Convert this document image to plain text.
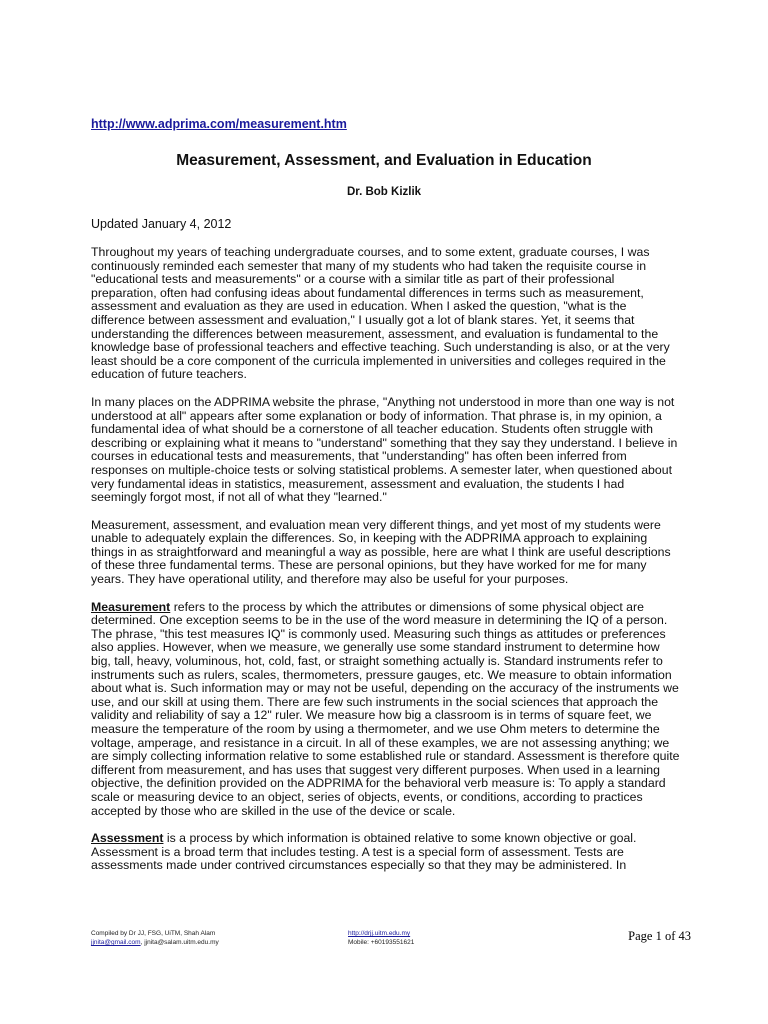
http://www.adprima.com/measurement.htm
Measurement, Assessment, and Evaluation in Education
Dr. Bob Kizlik
Updated January 4, 2012

Throughout my years of teaching undergraduate courses, and to some extent, graduate courses, I was continuously reminded each semester that many of my students who had taken the requisite course in "educational tests and measurements" or a course with a similar title as part of their professional preparation, often had confusing ideas about fundamental differences in terms such as measurement, assessment and evaluation as they are used in education. When I asked the question, "what is the difference between assessment and evaluation," I usually got a lot of blank stares. Yet, it seems that understanding the differences between measurement, assessment, and evaluation is fundamental to the knowledge base of professional teachers and effective teaching. Such understanding is also, or at the very least should be a core component of the curricula implemented in universities and colleges required in the education of future teachers.

In many places on the ADPRIMA website the phrase, "Anything not understood in more than one way is not understood at all" appears after some explanation or body of information. That phrase is, in my opinion, a fundamental idea of what should be a cornerstone of all teacher education. Students often struggle with describing or explaining what it means to "understand" something that they say they understand. I believe in courses in educational tests and measurements, that "understanding" has often been inferred from responses on multiple-choice tests or solving statistical problems. A semester later, when questioned about very fundamental ideas in statistics, measurement, assessment and evaluation, the students I had seemingly forgot most, if not all of what they "learned."

Measurement, assessment, and evaluation mean very different things, and yet most of my students were unable to adequately explain the differences. So, in keeping with the ADPRIMA approach to explaining things in as straightforward and meaningful a way as possible, here are what I think are useful descriptions of these three fundamental terms. These are personal opinions, but they have worked for me for many years. They have operational utility, and therefore may also be useful for your purposes.

Measurement refers to the process by which the attributes or dimensions of some physical object are determined. One exception seems to be in the use of the word measure in determining the IQ of a person. The phrase, "this test measures IQ" is commonly used. Measuring such things as attitudes or preferences also applies. However, when we measure, we generally use some standard instrument to determine how big, tall, heavy, voluminous, hot, cold, fast, or straight something actually is. Standard instruments refer to instruments such as rulers, scales, thermometers, pressure gauges, etc. We measure to obtain information about what is. Such information may or may not be useful, depending on the accuracy of the instruments we use, and our skill at using them. There are few such instruments in the social sciences that approach the validity and reliability of say a 12" ruler. We measure how big a classroom is in terms of square feet, we measure the temperature of the room by using a thermometer, and we use Ohm meters to determine the voltage, amperage, and resistance in a circuit. In all of these examples, we are not assessing anything; we are simply collecting information relative to some established rule or standard. Assessment is therefore quite different from measurement, and has uses that suggest very different purposes. When used in a learning objective, the definition provided on the ADPRIMA for the behavioral verb measure is: To apply a standard scale or measuring device to an object, series of objects, events, or conditions, according to practices accepted by those who are skilled in the use of the device or scale.

Assessment is a process by which information is obtained relative to some known objective or goal. Assessment is a broad term that includes testing. A test is a special form of assessment. Tests are assessments made under contrived circumstances especially so that they may be administered. In

Compiled by Dr JJ, FSG, UiTM, Shah Alam
jjnita@gmail.com, jjnita@salam.uitm.edu.my
http://drjj.uitm.edu.my
Mobile: +60193551621	Page 1 of 43
